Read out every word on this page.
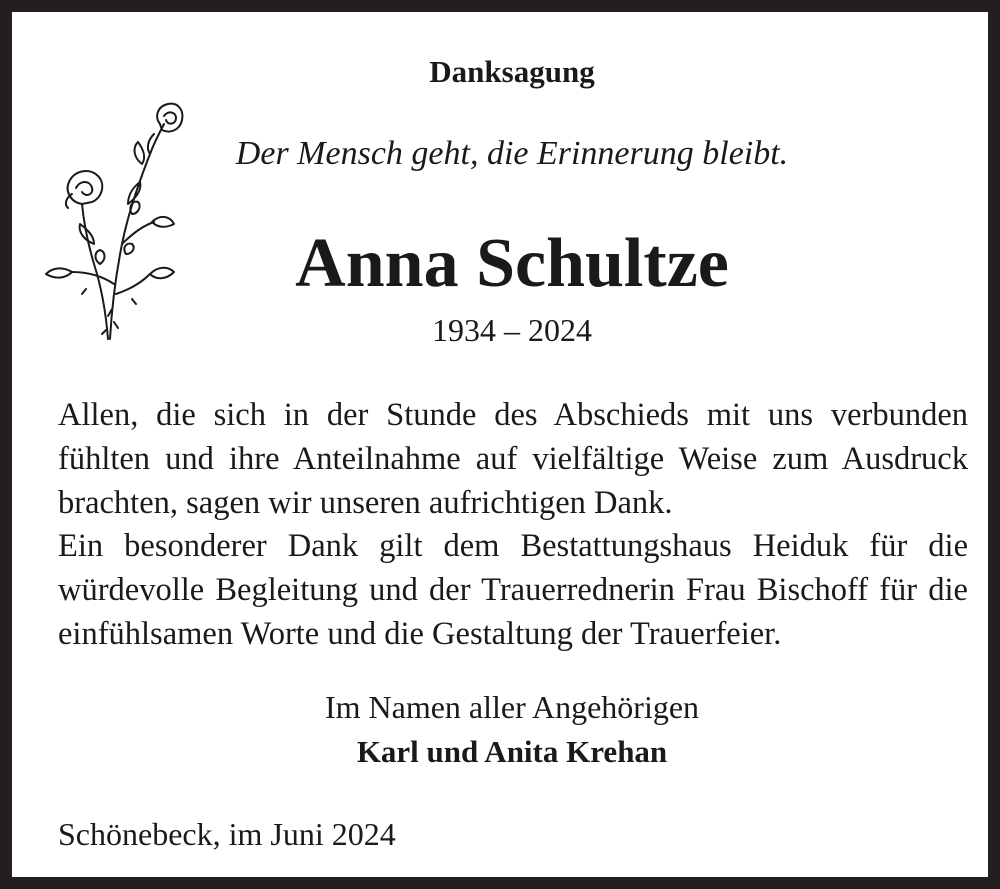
Danksagung
Der Mensch geht, die Erinnerung bleibt.
Anna Schultze
1934 – 2024

Allen, die sich in der Stunde des Abschieds mit uns verbunden fühlten und ihre Anteilnahme auf vielfältige Weise zum Ausdruck brachten, sagen wir unseren aufrichtigen Dank.

Ein besonderer Dank gilt dem Bestattungshaus Heiduk für die würdevolle Begleitung und der Trauerrednerin Frau Bischoff für die einfühlsamen Worte und die Gestaltung der Trauerfeier.

Im Namen aller Angehörigen
Karl und Anita Krehan
Schönebeck, im Juni 2024
